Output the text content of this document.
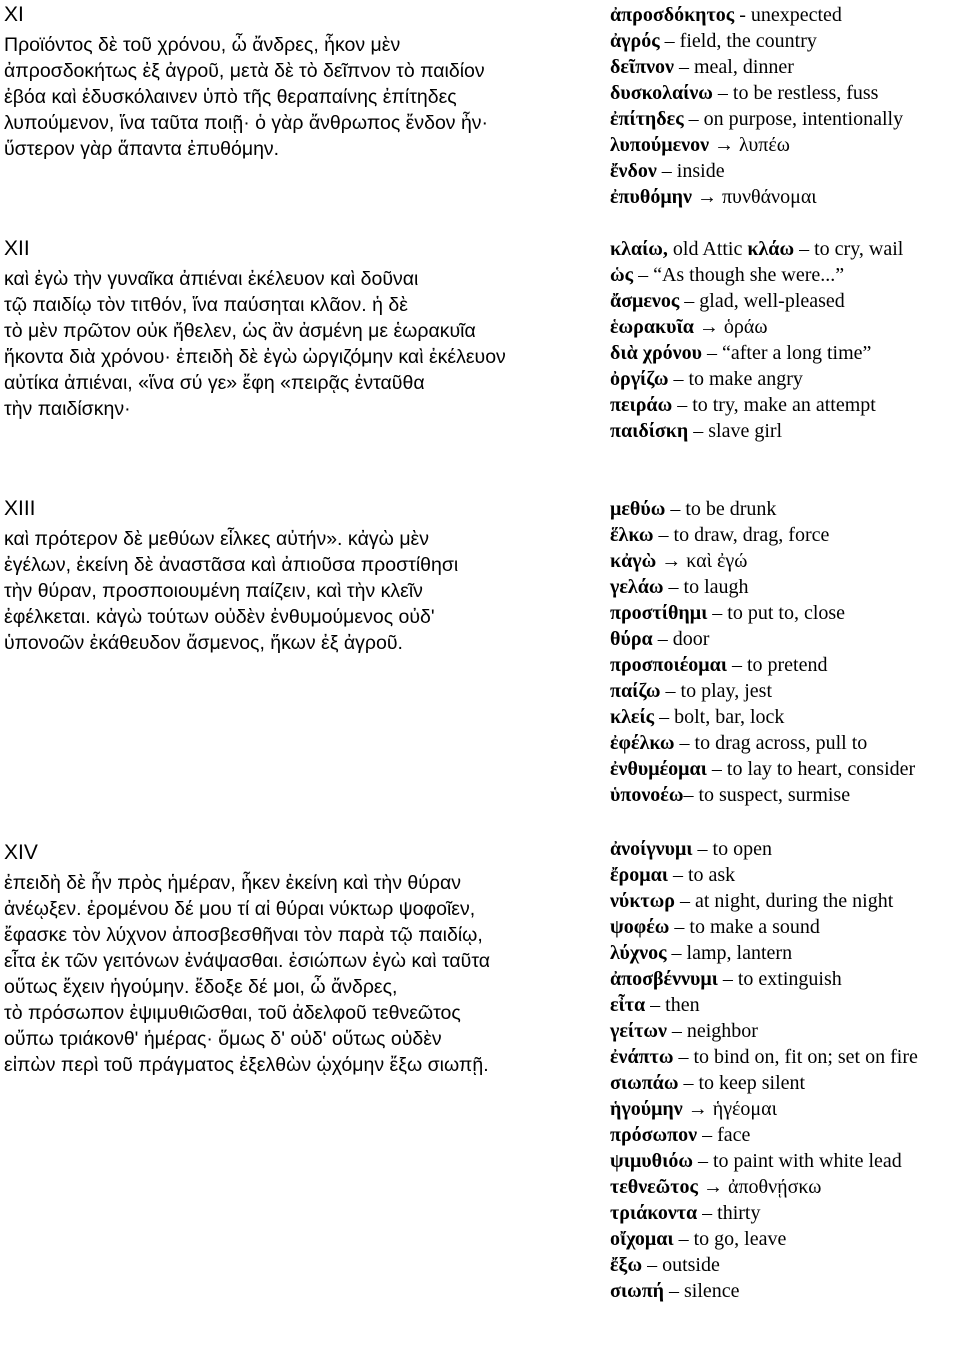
XI
Προϊόντος δὲ τοῦ χρόνου, ὦ ἄνδρες, ἧκον μὲν
ἀπροσδοκήτως ἐξ ἀγροῦ, μετὰ δὲ τὸ δεῖπνον τὸ παιδίον
ἐβόα καὶ ἐδυσκόλαινεν ὑπὸ τῆς θεραπαίνης ἐπίτηδες
λυπούμενον, ἵνα ταῦτα ποιῇ· ὁ γὰρ ἄνθρωπος ἔνδον ἦν·
ὕστερον γὰρ ἅπαντα ἐπυθόμην.
ἀπροσδόκητος - unexpected
ἀγρός – field, the country
δεῖπνον – meal, dinner
δυσκολαίνω – to be restless, fuss
ἐπίτηδες – on purpose, intentionally
λυπούμενον → λυπέω
ἔνδον – inside
ἐπυθόμην → πυνθάνομαι
XII
καὶ ἐγὼ τὴν γυναῖκα ἀπιέναι ἐκέλευον καὶ δοῦναι
τῷ παιδίῳ τὸν τιτθόν, ἵνα παύσηται κλᾶον. ἡ δὲ
τὸ μὲν πρῶτον οὐκ ἤθελεν, ὡς ἂν ἀσμένη με ἑωρακυῖα
ἥκοντα διὰ χρόνου· ἐπειδὴ δὲ ἐγὼ ὠργιζόμην καὶ ἐκέλευον
αὐτίκα ἀπιέναι, «ἵνα σύ γε» ἔφη «πειρᾷς ἐνταῦθα
τὴν παιδίσκην·
κλαίω, old Attic κλάω – to cry, wail
ὡς – “As though she were...”
ἄσμενος – glad, well-pleased
ἑωρακυῖα → ὁράω
διὰ χρόνου – “after a long time”
ὀργίζω – to make angry
πειράω – to try, make an attempt
παιδίσκη – slave girl
XIII
καὶ πρότερον δὲ μεθύων εἷλκες αὐτήν». κἀγὼ μὲν
ἐγέλων, ἐκείνη δὲ ἀναστᾶσα καὶ ἀπιοῦσα προστίθησι
τὴν θύραν, προσποιουμένη παίζειν, καὶ τὴν κλεῖν
ἐφέλκεται. κἀγὼ τούτων οὐδὲν ἐνθυμούμενος οὐδ'
ὑπονοῶν ἐκάθευδον ἄσμενος, ἥκων ἐξ ἀγροῦ.
μεθύω – to be drunk
ἕλκω – to draw, drag, force
κἀγὼ → καὶ ἐγώ
γελάω – to laugh
προστίθημι – to put to, close
θύρα – door
προσποιέομαι – to pretend
παίζω – to play, jest
κλείς – bolt, bar, lock
ἐφέλκω – to drag across, pull to
ἐνθυμέομαι – to lay to heart, consider
ὑπονοέω– to suspect, surmise
XIV
ἐπειδὴ δὲ ἦν πρὸς ἡμέραν, ἧκεν ἐκείνη καὶ τὴν θύραν
ἀνέῳξεν. ἐρομένου δέ μου τί αἱ θύραι νύκτωρ ψοφοῖεν,
ἔφασκε τὸν λύχνον ἀποσβεσθῆναι τὸν παρὰ τῷ παιδίῳ,
εἶτα ἐκ τῶν γειτόνων ἐνάψασθαι. ἐσιώπων ἐγὼ καὶ ταῦτα
οὕτως ἔχειν ἡγούμην. ἔδοξε δέ μοι, ὦ ἄνδρες,
τὸ πρόσωπον ἐψιμυθιῶσθαι, τοῦ ἀδελφοῦ τεθνεῶτος
οὔπω τριάκονθ' ἡμέρας· ὅμως δ' οὐδ' οὕτως οὐδὲν
εἰπὼν περὶ τοῦ πράγματος ἐξελθὼν ᾡχόμην ἔξω σιωπῇ.
ἀνοίγνυμι – to open
ἔρομαι – to ask
νύκτωρ – at night, during the night
ψοφέω – to make a sound
λύχνος – lamp, lantern
ἀποσβέννυμι – to extinguish
εἶτα – then
γείτων – neighbor
ἐνάπτω – to bind on, fit on; set on fire
σιωπάω – to keep silent
ἡγούμην → ἡγέομαι
πρόσωπον – face
ψιμυθιόω – to paint with white lead
τεθνεῶτος → ἀποθνῄσκω
τριάκοντα – thirty
οἴχομαι – to go, leave
ἔξω – outside
σιωπή – silence
